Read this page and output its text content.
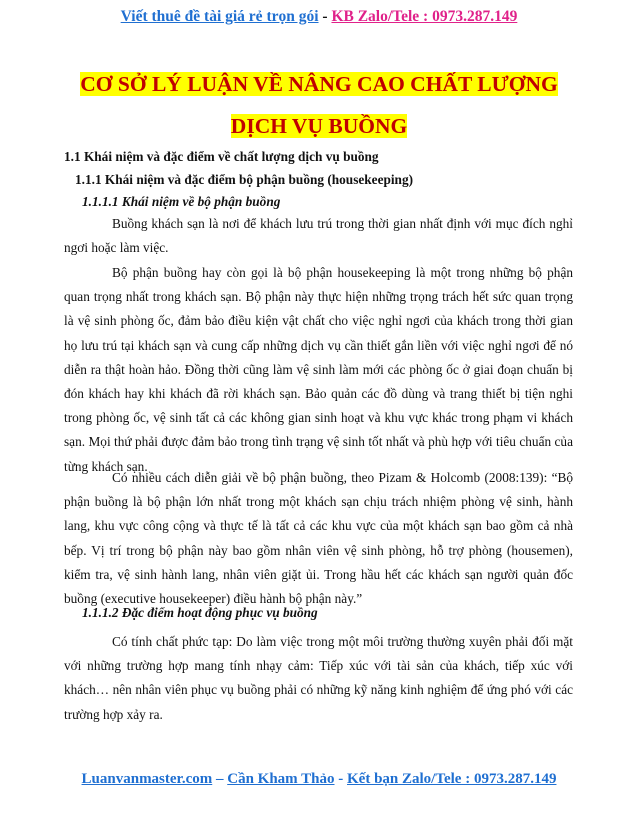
Viết thuê đề tài giá rẻ trọn gói - KB Zalo/Tele : 0973.287.149
CƠ SỞ LÝ LUẬN VỀ NÂNG CAO CHẤT LƯỢNG
DỊCH VỤ BUỒNG
1.1 Khái niệm và đặc điểm về chất lượng dịch vụ buồng
1.1.1 Khái niệm và đặc điểm bộ phận buồng (housekeeping)
1.1.1.1 Khái niệm về bộ phận buồng
Buồng khách sạn là nơi để khách lưu trú trong thời gian nhất định với mục đích nghỉ ngơi hoặc làm việc.
Bộ phận buồng hay còn gọi là bộ phận housekeeping là một trong những bộ phận quan trọng nhất trong khách sạn. Bộ phận này thực hiện những trọng trách hết sức quan trọng là vệ sinh phòng ốc, đảm bảo điều kiện vật chất cho việc nghỉ ngơi của khách trong thời gian họ lưu trú tại khách sạn và cung cấp những dịch vụ cần thiết gắn liền với việc nghỉ ngơi để nó diễn ra thật hoàn hảo. Đồng thời cũng làm vệ sinh làm mới các phòng ốc ở giai đoạn chuẩn bị đón khách hay khi khách đã rời khách sạn. Bảo quản các đồ dùng và trang thiết bị tiện nghi trong phòng ốc, vệ sinh tất cả các không gian sinh hoạt và khu vực khác trong phạm vi khách sạn. Mọi thứ phải được đảm bảo trong tình trạng vệ sinh tốt nhất và phù hợp với tiêu chuẩn của từng khách sạn.
Có nhiều cách diễn giải về bộ phận buồng, theo Pizam & Holcomb (2008:139): “Bộ phận buồng là bộ phận lớn nhất trong một khách sạn chịu trách nhiệm phòng vệ sinh, hành lang, khu vực công cộng và thực tế là tất cả các khu vực của một khách sạn bao gồm cả nhà bếp. Vị trí trong bộ phận này bao gồm nhân viên vệ sinh phòng, hỗ trợ phòng (housemen), kiểm tra, vệ sinh hành lang, nhân viên giặt ủi. Trong hầu hết các khách sạn người quản đốc buồng (executive housekeeper) điều hành bộ phận này.”
1.1.1.2 Đặc điểm hoạt động phục vụ buồng
Có tính chất phức tạp: Do làm việc trong một môi trường thường xuyên phải đối mặt với những trường hợp mang tính nhạy cảm: Tiếp xúc với tài sản của khách, tiếp xúc với khách… nên nhân viên phục vụ buồng phải có những kỹ năng kinh nghiệm để ứng phó với các trường hợp xảy ra.
Luanvanmaster.com – Cần Kham Thảo - Kết bạn Zalo/Tele : 0973.287.149
